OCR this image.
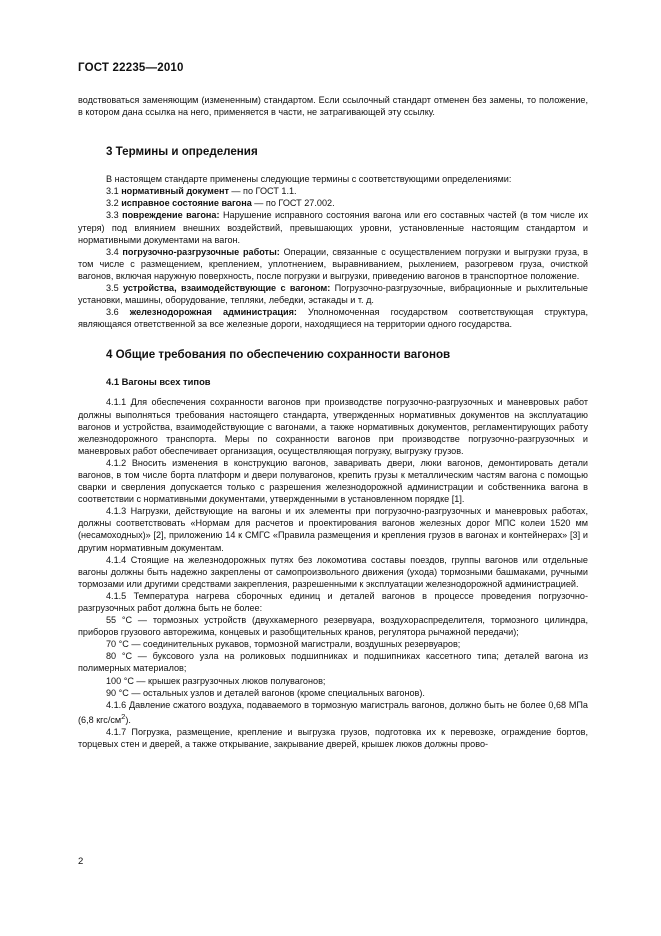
ГОСТ 22235—2010

водствоваться заменяющим (измененным) стандартом. Если ссылочный стандарт отменен без замены, то положение, в котором дана ссылка на него, применяется в части, не затрагивающей эту ссылку.

3 Термины и определения

В настоящем стандарте применены следующие термины с соответствующими определениями:

3.1 нормативный документ — по ГОСТ 1.1.

3.2 исправное состояние вагона — по ГОСТ 27.002.

3.3 повреждение вагона: Нарушение исправного состояния вагона или его составных частей (в том числе их утеря) под влиянием внешних воздействий, превышающих уровни, установленные настоящим стандартом и нормативными документами на вагон.

3.4 погрузочно-разгрузочные работы: Операции, связанные с осуществлением погрузки и выгрузки груза, в том числе с размещением, креплением, уплотнением, выравниванием, рыхлением, разогревом груза, очисткой вагонов, включая наружную поверхность, после погрузки и выгрузки, приведению вагонов в транспортное положение.

3.5 устройства, взаимодействующие с вагоном: Погрузочно-разгрузочные, вибрационные и рыхлительные установки, машины, оборудование, тепляки, лебедки, эстакады и т. д.

3.6 железнодорожная администрация: Уполномоченная государством соответствующая структура, являющаяся ответственной за все железные дороги, находящиеся на территории одного государства.

4 Общие требования по обеспечению сохранности вагонов
4.1 Вагоны всех типов

4.1.1 Для обеспечения сохранности вагонов при производстве погрузочно-разгрузочных и маневровых работ должны выполняться требования настоящего стандарта, утвержденных нормативных документов на эксплуатацию вагонов и устройства, взаимодействующие с вагонами, а также нормативных документов, регламентирующих работу железнодорожного транспорта. Меры по сохранности вагонов при производстве погрузочно-разгрузочных и маневровых работ обеспечивает организация, осуществляющая погрузку, выгрузку грузов.

4.1.2 Вносить изменения в конструкцию вагонов, заваривать двери, люки вагонов, демонтировать детали вагонов, в том числе борта платформ и двери полувагонов, крепить грузы к металлическим частям вагона с помощью сварки и сверления допускается только с разрешения железнодорожной администрации и собственника вагона в соответствии с нормативными документами, утвержденными в установленном порядке [1].

4.1.3 Нагрузки, действующие на вагоны и их элементы при погрузочно-разгрузочных и маневровых работах, должны соответствовать «Нормам для расчетов и проектирования вагонов железных дорог МПС колеи 1520 мм (несамоходных)» [2], приложению 14 к СМГС «Правила размещения и крепления грузов в вагонах и контейнерах» [3] и другим нормативным документам.

4.1.4 Стоящие на железнодорожных путях без локомотива составы поездов, группы вагонов или отдельные вагоны должны быть надежно закреплены от самопроизвольного движения (ухода) тормозными башмаками, ручными тормозами или другими средствами закрепления, разрешенными к эксплуатации железнодорожной администрацией.

4.1.5 Температура нагрева сборочных единиц и деталей вагонов в процессе проведения погрузочно-разгрузочных работ должна быть не более:

55 °С — тормозных устройств (двухкамерного резервуара, воздухораспределителя, тормозного цилиндра, приборов грузового авторежима, концевых и разобщительных кранов, регулятора рычажной передачи);

70 °С — соединительных рукавов, тормозной магистрали, воздушных резервуаров;

80 °С — буксового узла на роликовых подшипниках и подшипниках кассетного типа; деталей вагона из полимерных материалов;

100 °С — крышек разгрузочных люков полувагонов;

90 °С — остальных узлов и деталей вагонов (кроме специальных вагонов).

4.1.6 Давление сжатого воздуха, подаваемого в тормозную магистраль вагонов, должно быть не более 0,68 МПа (6,8 кгс/$см^2$).

4.1.7 Погрузка, размещение, крепление и выгрузка грузов, подготовка их к перевозке, ограждение бортов, торцевых стен и дверей, а также открывание, закрывание дверей, крышек люков должны прово-

2
